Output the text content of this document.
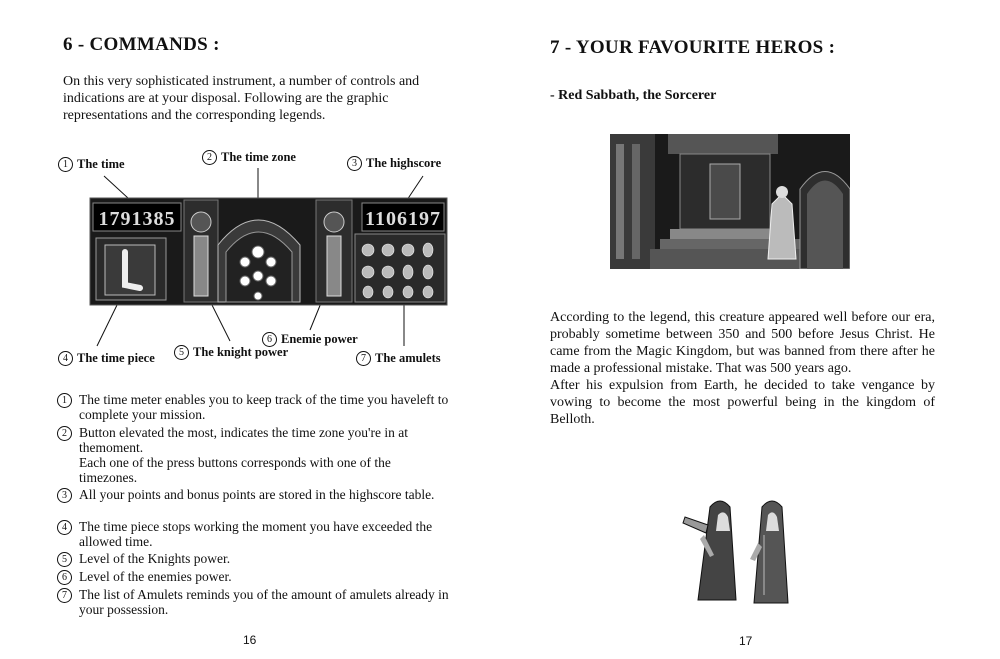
6 - COMMANDS :

On this very sophisticated instrument, a number of controls and indications are at your disposal. Following are the graphic representations and the corresponding legends.

1 The time	2 The time zone	3 The highscore
4 The time piece	5 The knight power
6 Enemie power
7 The amulets
1791385	1106197
1 The time meter enables you to keep track of the time you haveleft to complete your mission.
2 Button elevated the most, indicates the time zone you're in at themoment.
Each one of the press buttons corresponds with one of the timezones.
3 All your points and bonus points are stored in the highscore table.
4 The time piece stops working the moment you have exceeded the allowed time.
5 Level of the Knights power.
6 Level of the enemies power.
7 The list of Amulets reminds you of the amount of amulets already in your possession.
16
7 - YOUR FAVOURITE HEROS :
- Red Sabbath, the Sorcerer

According to the legend, this creature appeared well before our era, probably sometime between 350 and 500 before Jesus Christ. He came from the Magic Kingdom, but was banned from there after he made a professional mistake. That was 500 years ago.

After his expulsion from Earth, he decided to take vengance by vowing to become the most powerful being in the kingdom of Belloth.

17
